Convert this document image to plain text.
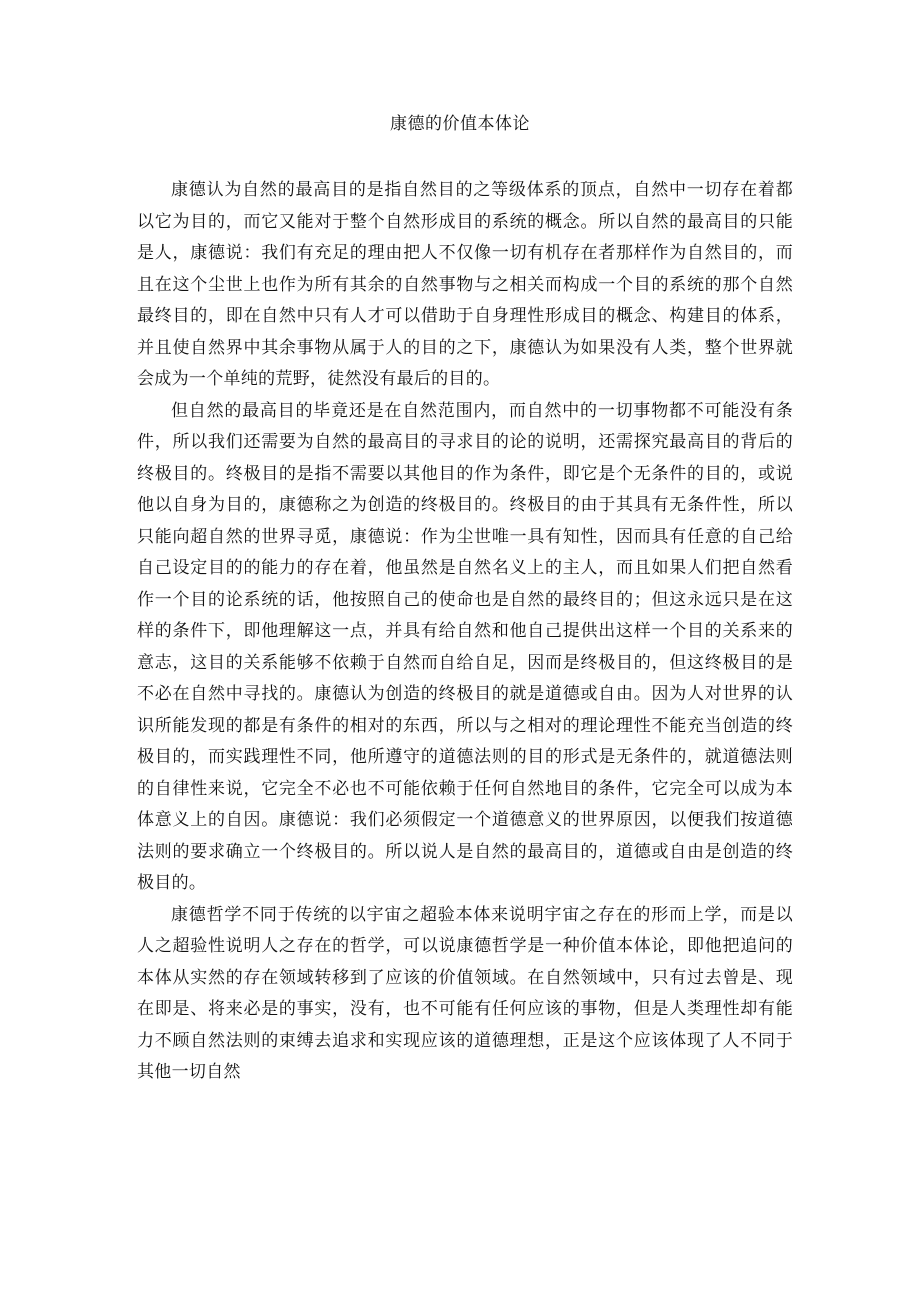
康德的价值本体论

康德认为自然的最高目的是指自然目的之等级体系的顶点，自然中一切存在着都以它为目的，而它又能对于整个自然形成目的系统的概念。所以自然的最高目的只能是人，康德说：我们有充足的理由把人不仅像一切有机存在者那样作为自然目的，而且在这个尘世上也作为所有其余的自然事物与之相关而构成一个目的系统的那个自然最终目的，即在自然中只有人才可以借助于自身理性形成目的概念、构建目的体系，并且使自然界中其余事物从属于人的目的之下，康德认为如果没有人类，整个世界就会成为一个单纯的荒野，徒然没有最后的目的。

但自然的最高目的毕竟还是在自然范围内，而自然中的一切事物都不可能没有条件，所以我们还需要为自然的最高目的寻求目的论的说明，还需探究最高目的背后的终极目的。终极目的是指不需要以其他目的作为条件，即它是个无条件的目的，或说他以自身为目的，康德称之为创造的终极目的。终极目的由于其具有无条件性，所以只能向超自然的世界寻觅，康德说：作为尘世唯一具有知性，因而具有任意的自己给自己设定目的的能力的存在着，他虽然是自然名义上的主人，而且如果人们把自然看作一个目的论系统的话，他按照自己的使命也是自然的最终目的；但这永远只是在这样的条件下，即他理解这一点，并具有给自然和他自己提供出这样一个目的关系来的意志，这目的关系能够不依赖于自然而自给自足，因而是终极目的，但这终极目的是不必在自然中寻找的。康德认为创造的终极目的就是道德或自由。因为人对世界的认识所能发现的都是有条件的相对的东西，所以与之相对的理论理性不能充当创造的终极目的，而实践理性不同，他所遵守的道德法则的目的形式是无条件的，就道德法则的自律性来说，它完全不必也不可能依赖于任何自然地目的条件，它完全可以成为本体意义上的自因。康德说：我们必须假定一个道德意义的世界原因，以便我们按道德法则的要求确立一个终极目的。所以说人是自然的最高目的，道德或自由是创造的终极目的。

康德哲学不同于传统的以宇宙之超验本体来说明宇宙之存在的形而上学，而是以人之超验性说明人之存在的哲学，可以说康德哲学是一种价值本体论，即他把追问的本体从实然的存在领域转移到了应该的价值领域。在自然领域中，只有过去曾是、现在即是、将来必是的事实，没有，也不可能有任何应该的事物，但是人类理性却有能力不顾自然法则的束缚去追求和实现应该的道德理想，正是这个应该体现了人不同于其他一切自然
